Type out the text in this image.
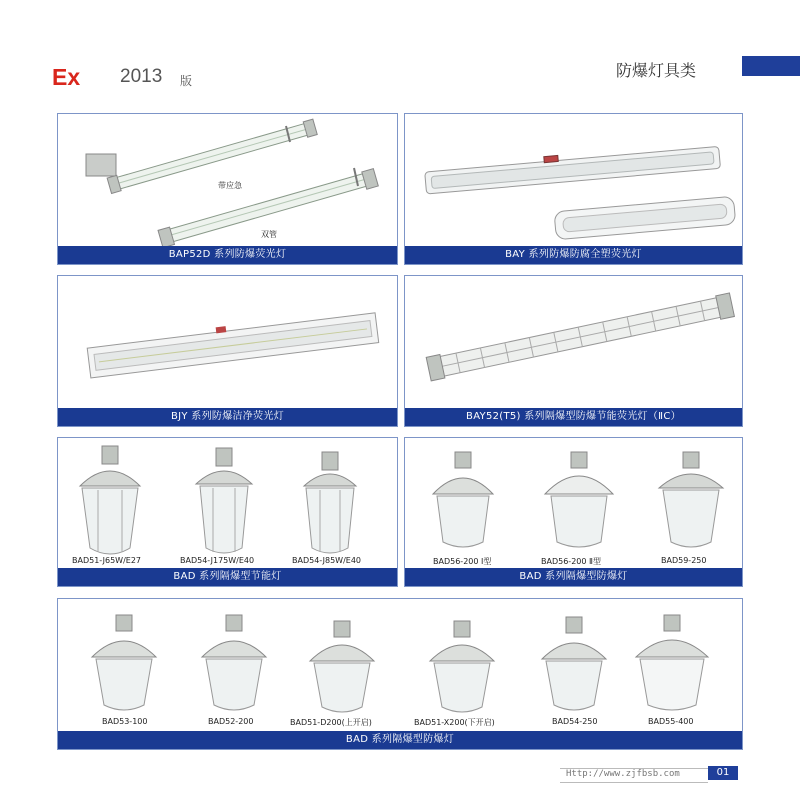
Ex 2013 版
防爆灯具类
带应急
双管
BAP52D 系列防爆荧光灯	BAY 系列防爆防腐全塑荧光灯
BJY 系列防爆洁净荧光灯	BAY52(T5) 系列隔爆型防爆节能荧光灯（ⅡC）
BAD51-J65W/E27	BAD54-J175W/E40	BAD54-J85W/E40
BAD 系列隔爆型节能灯
BAD56-200 Ⅰ型	BAD56-200 Ⅱ型	BAD59-250
BAD 系列隔爆型防爆灯
BAD53-100	BAD52-200	BAD51-D200(上开启)	BAD51-X200(下开启)	BAD54-250	BAD55-400
BAD 系列隔爆型防爆灯
Http://www.zjfbsb.com	01
